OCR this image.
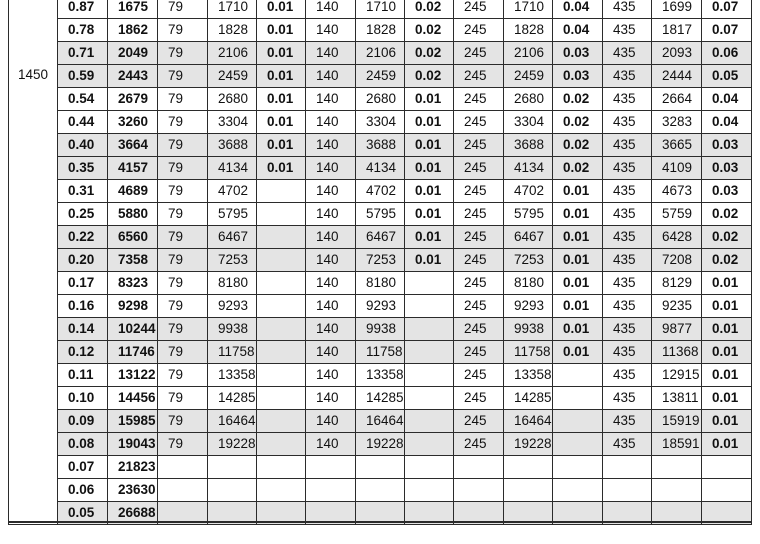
1450	0.87	1675	79	1710	0.01	140	1710	0.02	245	1710	0.04	435	1699	0.07
	0.78	1862	79	1828	0.01	140	1828	0.02	245	1828	0.04	435	1817	0.07
	0.71	2049	79	2106	0.01	140	2106	0.02	245	2106	0.03	435	2093	0.06
	0.59	2443	79	2459	0.01	140	2459	0.02	245	2459	0.03	435	2444	0.05
	0.54	2679	79	2680	0.01	140	2680	0.01	245	2680	0.02	435	2664	0.04
	0.44	3260	79	3304	0.01	140	3304	0.01	245	3304	0.02	435	3283	0.04
	0.40	3664	79	3688	0.01	140	3688	0.01	245	3688	0.02	435	3665	0.03
	0.35	4157	79	4134	0.01	140	4134	0.01	245	4134	0.02	435	4109	0.03
	0.31	4689	79	4702		140	4702	0.01	245	4702	0.01	435	4673	0.03
	0.25	5880	79	5795		140	5795	0.01	245	5795	0.01	435	5759	0.02
	0.22	6560	79	6467		140	6467	0.01	245	6467	0.01	435	6428	0.02
	0.20	7358	79	7253		140	7253	0.01	245	7253	0.01	435	7208	0.02
	0.17	8323	79	8180		140	8180		245	8180	0.01	435	8129	0.01
	0.16	9298	79	9293		140	9293		245	9293	0.01	435	9235	0.01
	0.14	10244	79	9938		140	9938		245	9938	0.01	435	9877	0.01
	0.12	11746	79	11758		140	11758		245	11758	0.01	435	11368	0.01
	0.11	13122	79	13358		140	13358		245	13358		435	12915	0.01
	0.10	14456	79	14285		140	14285		245	14285		435	13811	0.01
	0.09	15985	79	16464		140	16464		245	16464		435	15919	0.01
	0.08	19043	79	19228		140	19228		245	19228		435	18591	0.01
	0.07	21823												
	0.06	23630												
	0.05	26688												
